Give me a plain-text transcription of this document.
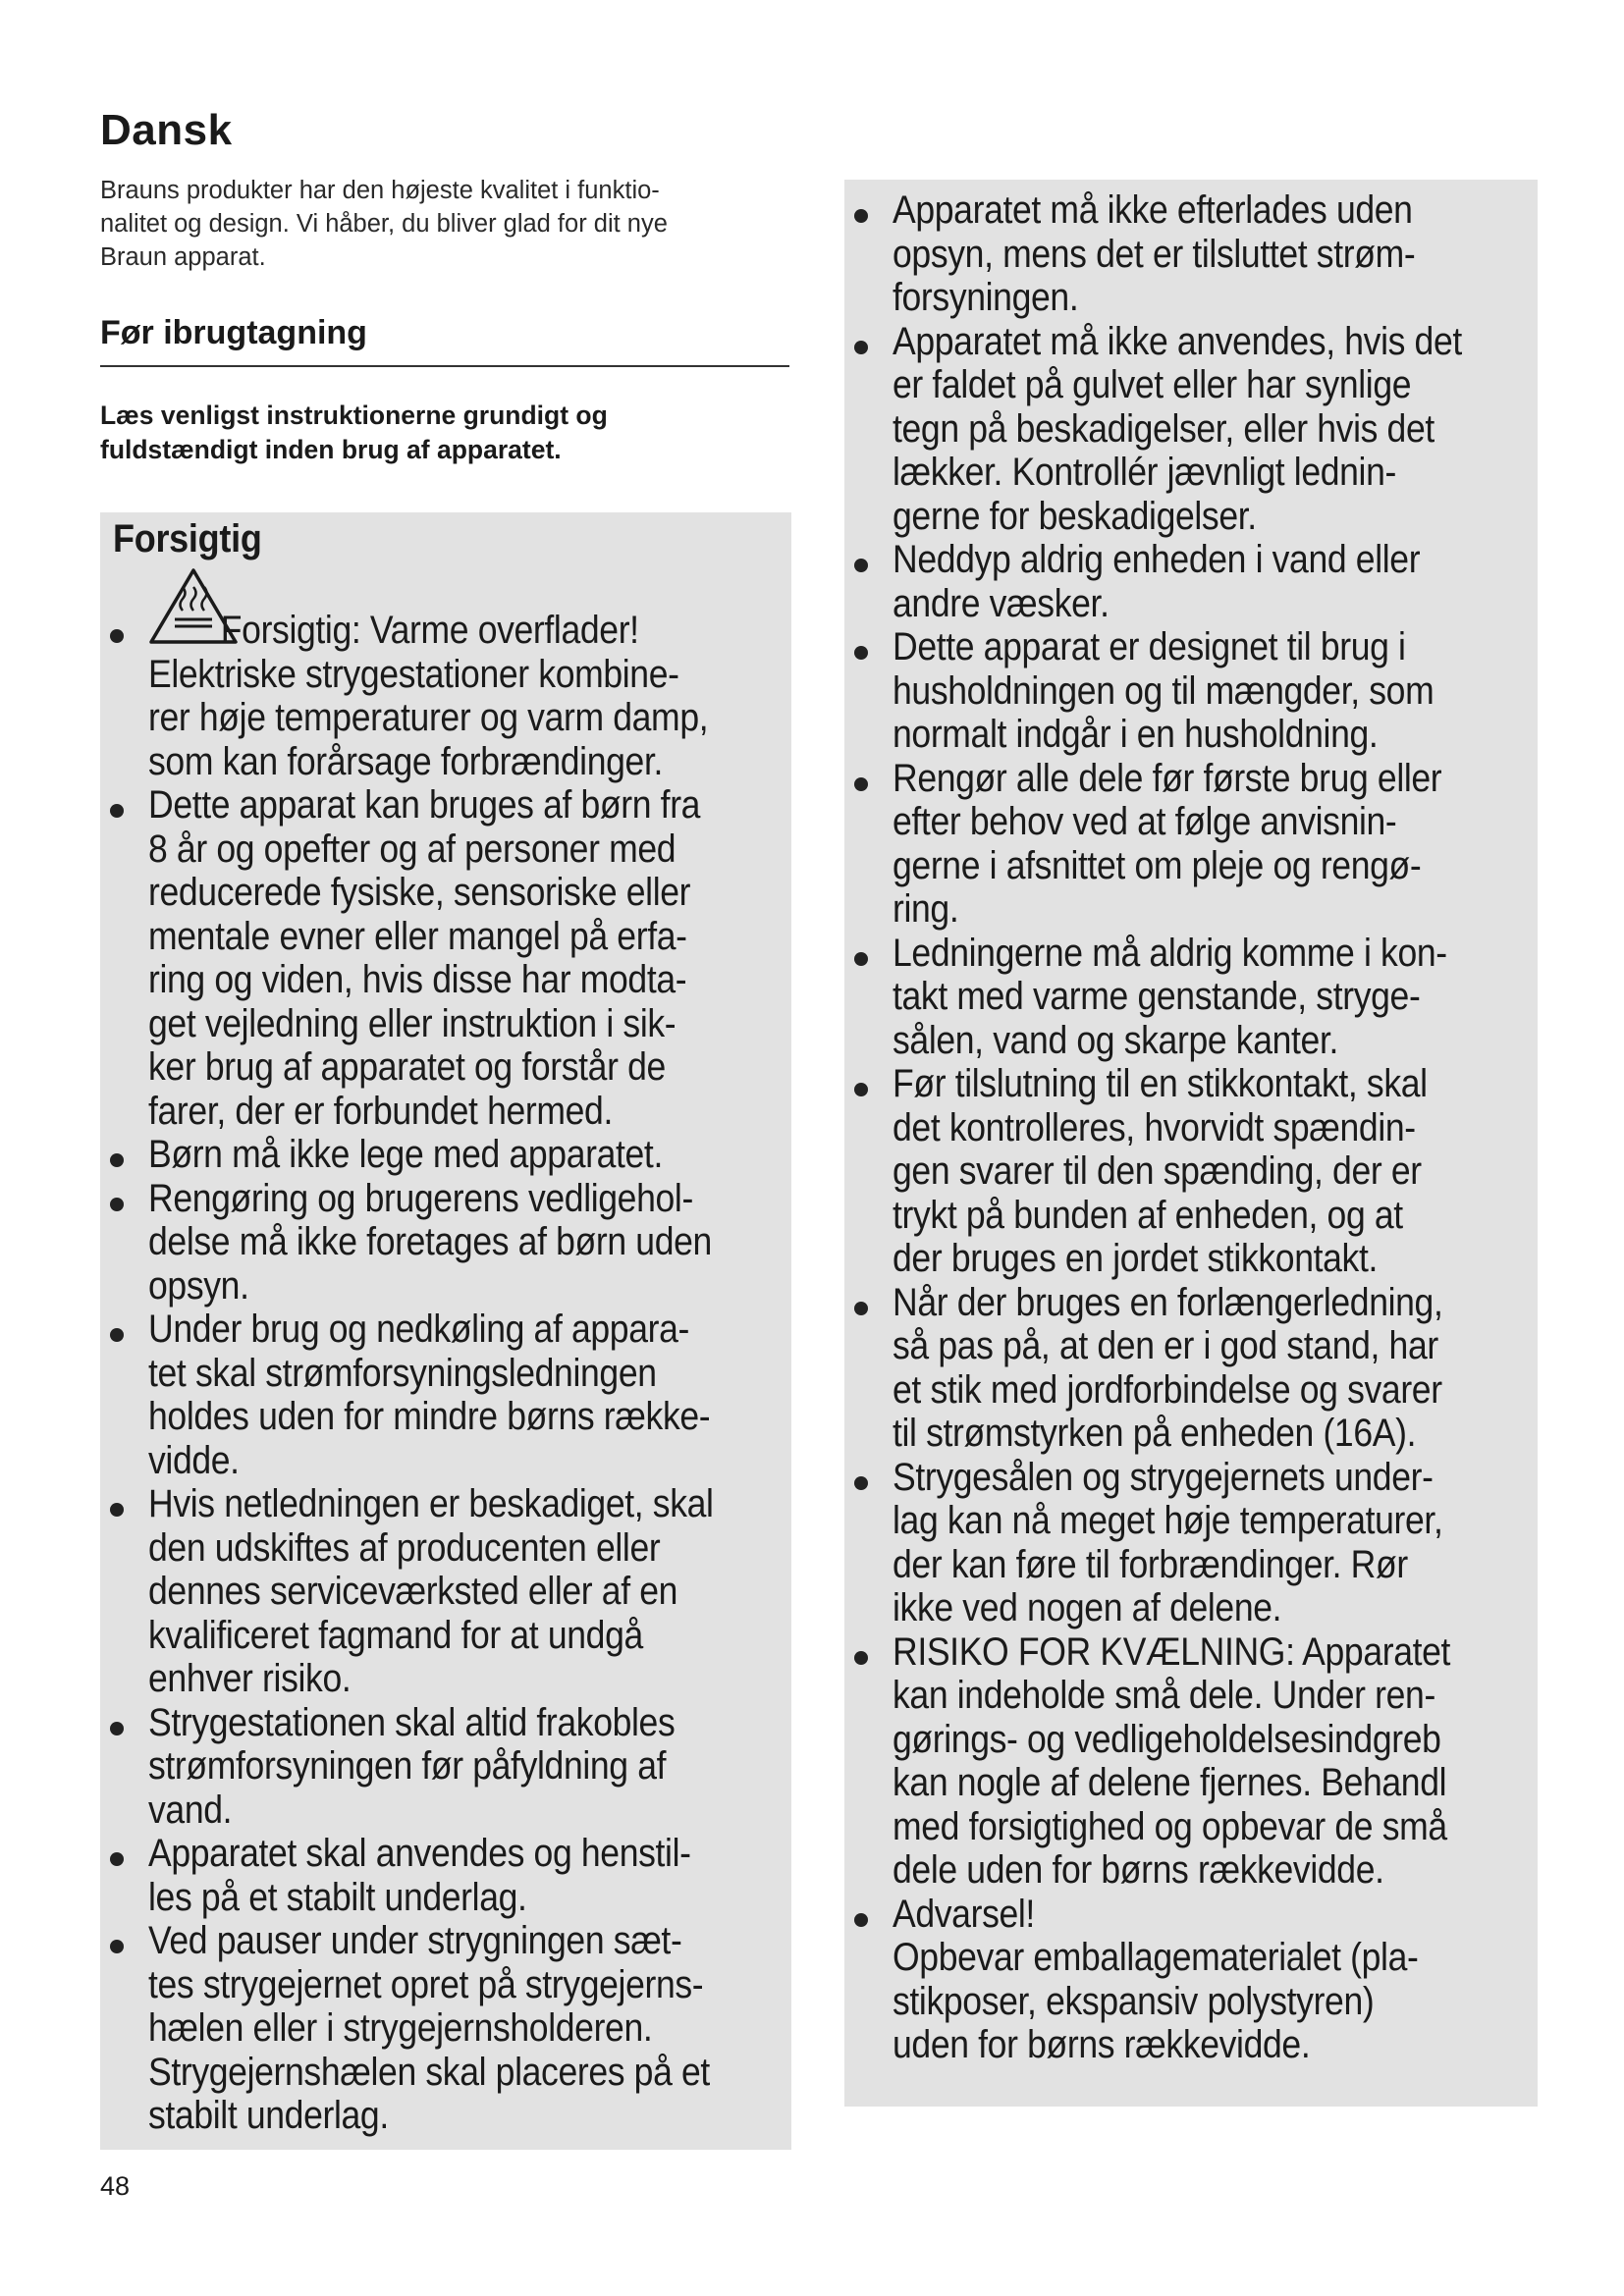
Dansk
Brauns produkter har den højeste kvalitet i funktio-
nalitet og design. Vi håber, du bliver glad for dit nye
Braun apparat.
Før ibrugtagning
Læs venligst instruktionerne grundigt og
fuldstændigt inden brug af apparatet.
Forsigtig
Forsigtig: Varme overflader!
Elektriske strygestationer kombine-
rer høje temperaturer og varm damp,
som kan forårsage forbrændinger.
Dette apparat kan bruges af børn fra
8 år og opefter og af personer med
reducerede fysiske, sensoriske eller
mentale evner eller mangel på erfa-
ring og viden, hvis disse har modta-
get vejledning eller instruktion i sik-
ker brug af apparatet og forstår de
farer, der er forbundet hermed.
Børn må ikke lege med apparatet.
Rengøring og brugerens vedligehol-
delse må ikke foretages af børn uden
opsyn.
Under brug og nedkøling af appara-
tet skal strømforsyningsledningen
holdes uden for mindre børns række-
vidde.
Hvis netledningen er beskadiget, skal
den udskiftes af producenten eller
dennes serviceværksted eller af en
kvalificeret fagmand for at undgå
enhver risiko.
Strygestationen skal altid frakobles
strømforsyningen før påfyldning af
vand.
Apparatet skal anvendes og henstil-
les på et stabilt underlag.
Ved pauser under strygningen sæt-
tes strygejernet opret på strygejerns-
hælen eller i strygejernsholderen.
Strygejernshælen skal placeres på et
stabilt underlag.
Apparatet må ikke efterlades uden
opsyn, mens det er tilsluttet strøm-
forsyningen.
Apparatet må ikke anvendes, hvis det
er faldet på gulvet eller har synlige
tegn på beskadigelser, eller hvis det
lækker. Kontrollér jævnligt lednin-
gerne for beskadigelser.
Neddyp aldrig enheden i vand eller
andre væsker.
Dette apparat er designet til brug i
husholdningen og til mængder, som
normalt indgår i en husholdning.
Rengør alle dele før første brug eller
efter behov ved at følge anvisnin-
gerne i afsnittet om pleje og rengø-
ring.
Ledningerne må aldrig komme i kon-
takt med varme genstande, stryge-
sålen, vand og skarpe kanter.
Før tilslutning til en stikkontakt, skal
det kontrolleres, hvorvidt spændin-
gen svarer til den spænding, der er
trykt på bunden af enheden, og at
der bruges en jordet stikkontakt.
Når der bruges en forlængerledning,
så pas på, at den er i god stand, har
et stik med jordforbindelse og svarer
til strømstyrken på enheden (16A).
Strygesålen og strygejernets under-
lag kan nå meget høje temperaturer,
der kan føre til forbrændinger. Rør
ikke ved nogen af delene.
RISIKO FOR KVÆLNING: Apparatet
kan indeholde små dele. Under ren-
gørings- og vedligeholdelsesindgreb
kan nogle af delene fjernes. Behandl
med forsigtighed og opbevar de små
dele uden for børns rækkevidde.
Advarsel!
Opbevar emballagematerialet (pla-
stikposer, ekspansiv polystyren)
uden for børns rækkevidde.
48
